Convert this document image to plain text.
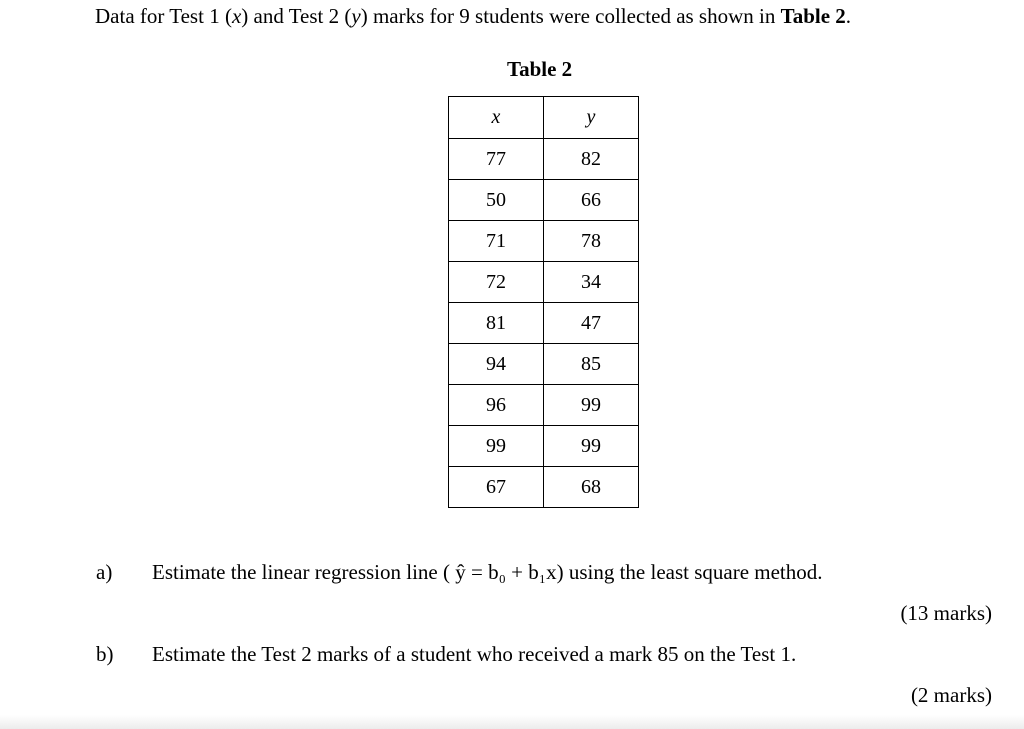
Data for Test 1 (x) and Test 2 (y) marks for 9 students were collected as shown in Table 2.
Table 2
x	y
77	82
50	66
71	78
72	34
81	47
94	85
96	99
99	99
67	68
a) Estimate the linear regression line ( ŷ = b₀ + b₁x) using the least square method.
(13 marks)
b) Estimate the Test 2 marks of a student who received a mark 85 on the Test 1.
(2 marks)
